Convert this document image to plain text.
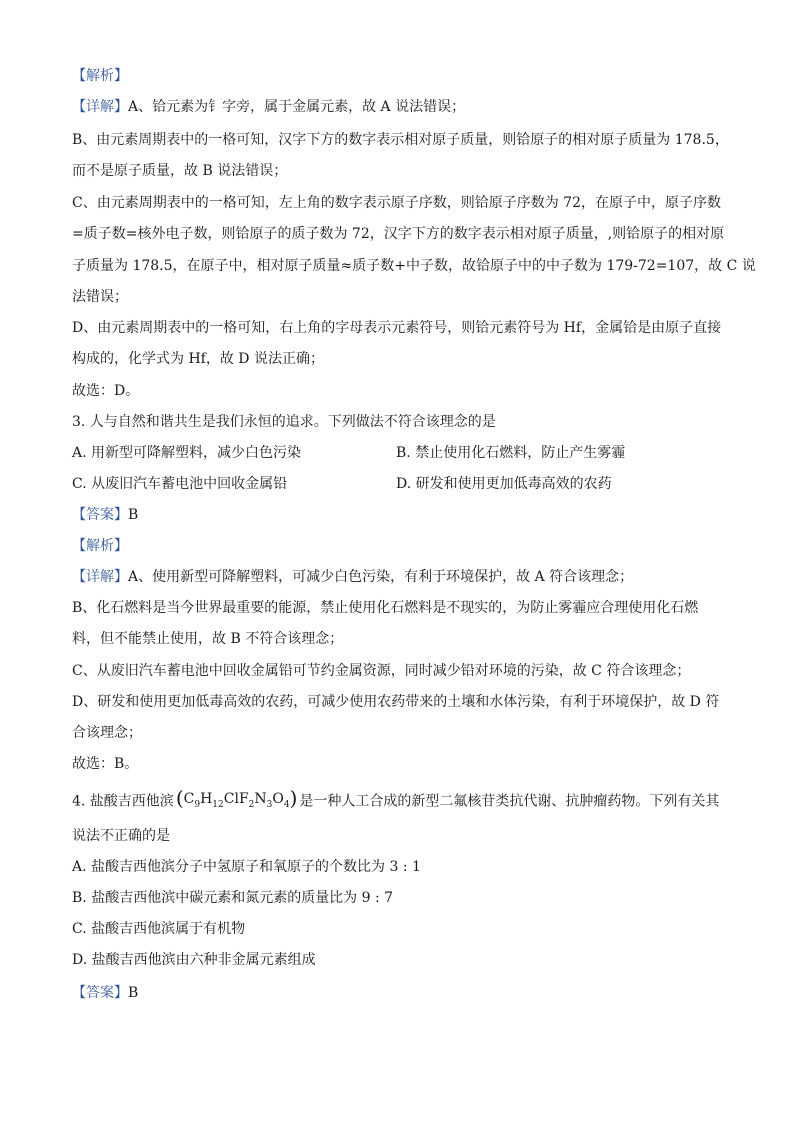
【解析】
【详解】A、铪元素为钅字旁，属于金属元素，故 A 说法错误；
B、由元素周期表中的一格可知，汉字下方的数字表示相对原子质量，则铪原子的相对原子质量为 178.5，
而不是原子质量，故 B 说法错误；
C、由元素周期表中的一格可知，左上角的数字表示原子序数，则铪原子序数为 72，在原子中，原子序数
=质子数=核外电子数，则铪原子的质子数为 72，汉字下方的数字表示相对原子质量，,则铪原子的相对原
子质量为 178.5，在原子中，相对原子质量≈质子数+中子数，故铪原子中的中子数为 179-72=107，故 C 说
法错误；
D、由元素周期表中的一格可知，右上角的字母表示元素符号，则铪元素符号为 Hf，金属铪是由原子直接
构成的，化学式为 Hf，故 D 说法正确；
故选：D。
3. 人与自然和谐共生是我们永恒的追求。下列做法不符合该理念的是
A. 用新型可降解塑料，减少白色污染	B. 禁止使用化石燃料，防止产生雾霾
C. 从废旧汽车蓄电池中回收金属铅	D. 研发和使用更加低毒高效的农药
【答案】B
【解析】
【详解】A、使用新型可降解塑料，可减少白色污染，有利于环境保护，故 A 符合该理念；
B、化石燃料是当今世界最重要的能源，禁止使用化石燃料是不现实的，为防止雾霾应合理使用化石燃
料，但不能禁止使用，故 B 不符合该理念；
C、从废旧汽车蓄电池中回收金属铅可节约金属资源，同时减少铅对环境的污染，故 C 符合该理念；
D、研发和使用更加低毒高效的农药，可减少使用农药带来的土壤和水体污染，有利于环境保护，故 D 符
合该理念；
故选：B。
4. 盐酸吉西他滨 $(C_9H_{12}ClF_2N_3O_4)$ 是一种人工合成的新型二氟核苷类抗代谢、抗肿瘤药物。下列有关其
说法不正确的是
A. 盐酸吉西他滨分子中氢原子和氧原子的个数比为 3 : 1
B. 盐酸吉西他滨中碳元素和氮元素的质量比为 9 : 7
C. 盐酸吉西他滨属于有机物
D. 盐酸吉西他滨由六种非金属元素组成
【答案】B
